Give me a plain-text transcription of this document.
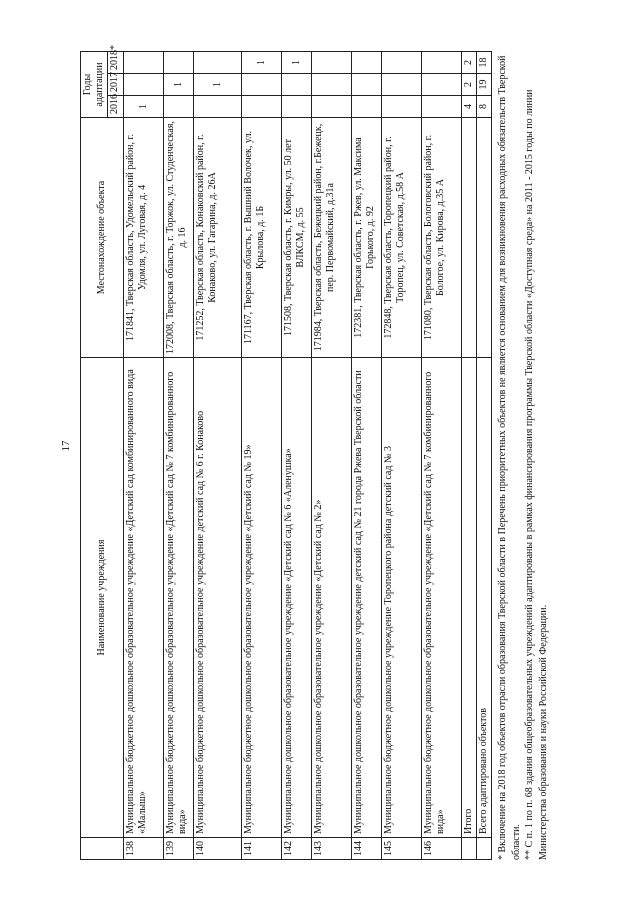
17
	Наименование учреждения	Местонахождение объекта	Годы адаптации		
			2016	2017	2018*
138	Муниципальное бюджетное дошкольное образовательное учреждение «Детский сад комбинированного вида «Малыш»	171841, Тверская область, Удомельский район, г. Удомля, ул. Луговая, д. 4	1		
139	Муниципальное бюджетное дошкольное образовательное учреждение «Детский сад № 7 комбинированного вида»	172008, Тверская область, г. Торжок, ул. Студенческая, д. 16		1	
140	Муниципальное бюджетное дошкольное образовательное учреждение детский сад № 6 г. Конаково	171252, Тверская область, Конаковский район, г. Конаково, ул. Гагарина, д. 26А		1	
141	Муниципальное бюджетное дошкольное образовательное учреждение «Детский сад № 19»	171167, Тверская область, г. Вышний Волочек, ул. Крылова, д. 1Б			1
142	Муниципальное дошкольное образовательное учреждение «Детский сад № 6 «Аленушка»	171508, Тверская область, г. Кимры, ул. 50 лет ВЛКСМ, д. 55			1
143	Муниципальное дошкольное образовательное учреждение «Детский сад № 2»	171984, Тверская область, Бежецкий район, г.Бежецк, пер. Первомайский, д.31а			
144	Муниципальное дошкольное образовательное учреждение детский сад № 21 города Ржева Тверской области	172381, Тверская область, г. Ржев, ул. Максима Горького, д. 92			
145	Муниципальное бюджетное дошкольное учреждение Торопецкого района детский сад № 3	172848, Тверская область, Торопецкий район, г. Торопец, ул. Советская, д.58 А			
146	Муниципальное бюджетное дошкольное образовательное учреждение «Детский сад № 7 комбинированного вида»	171080, Тверская область, Бологовский район, г. Бологое, ул. Кирова, д.35 А			
	Итого		4	2	2
	Всего адаптировано объектов		8	19	18 * Включение на 2018 год объектов отрасли образования Тверской области в Перечень приоритетных объектов не является основанием для возникновения расходных обязательств Тверской области. ** С п. 1 по п. 68 здания общеобразовательных учреждений адаптированы в рамках финансирования программы Тверской области «Доступная среда» на 2011 - 2015 годы по линии Министерства образования и науки Российской Федерации.
